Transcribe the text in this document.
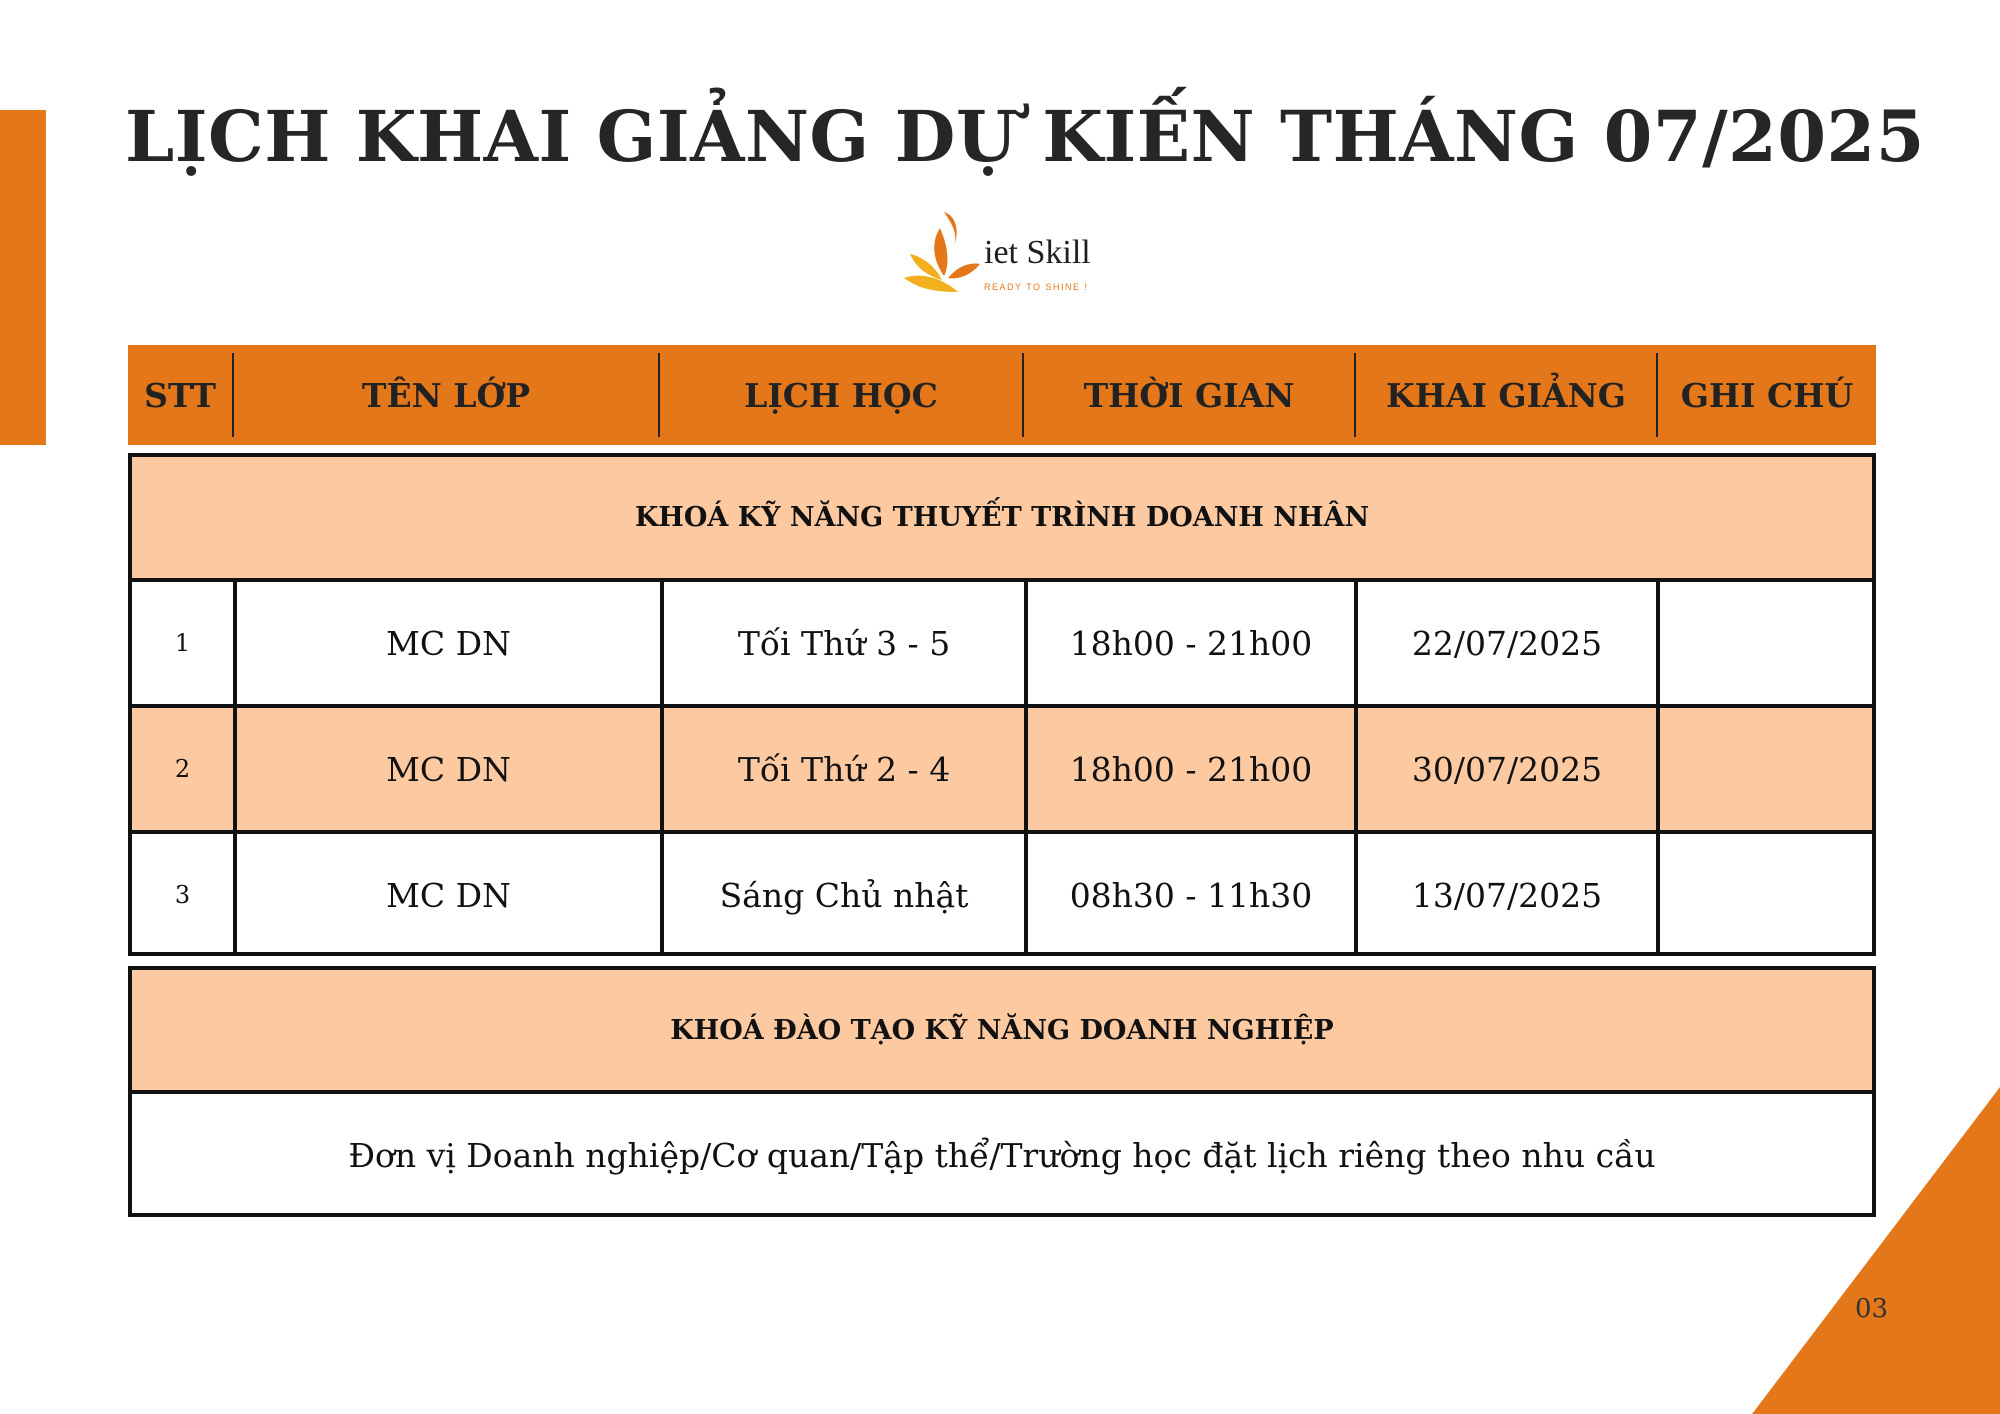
LỊCH KHAI GIẢNG DỰ KIẾN THÁNG 07/2025
iet Skill
READY TO SHINE !
STT	TÊN LỚP	LỊCH HỌC	THỜI GIAN	KHAI GIẢNG	GHI CHÚ
KHOÁ KỸ NĂNG THUYẾT TRÌNH DOANH NHÂN
1	MC DN	Tối Thứ 3 - 5	18h00 - 21h00	22/07/2025
2	MC DN	Tối Thứ 2 - 4	18h00 - 21h00	30/07/2025
3	MC DN	Sáng Chủ nhật	08h30 - 11h30	13/07/2025
KHOÁ ĐÀO TẠO KỸ NĂNG DOANH NGHIỆP
Đơn vị Doanh nghiệp/Cơ quan/Tập thể/Trường học đặt lịch riêng theo nhu cầu
03
